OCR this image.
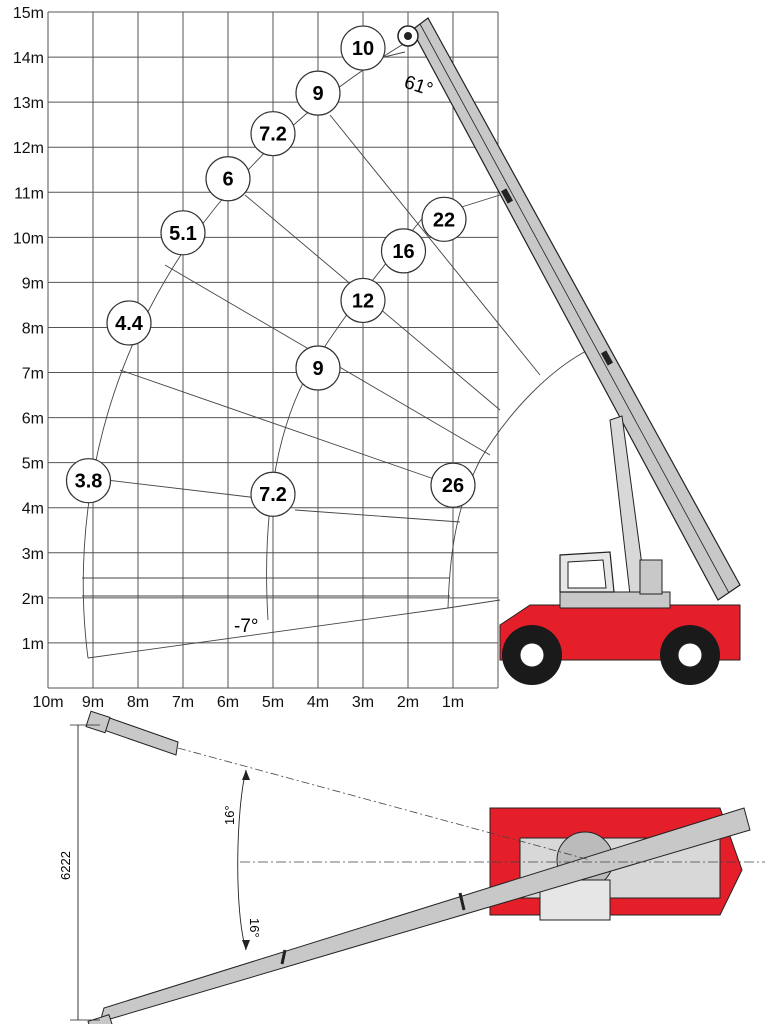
1m
2m
3m
4m
5m
6m
7m
8m
9m
10m
11m
12m
13m
14m
15m
10m 9m 8m 7m 6m 5m 4m 3m 2m 1m
10
9
7.2
6
5.1
4.4
3.8
22
16
12
9
7.2	26
61°
-7°
16°
16°
6222
